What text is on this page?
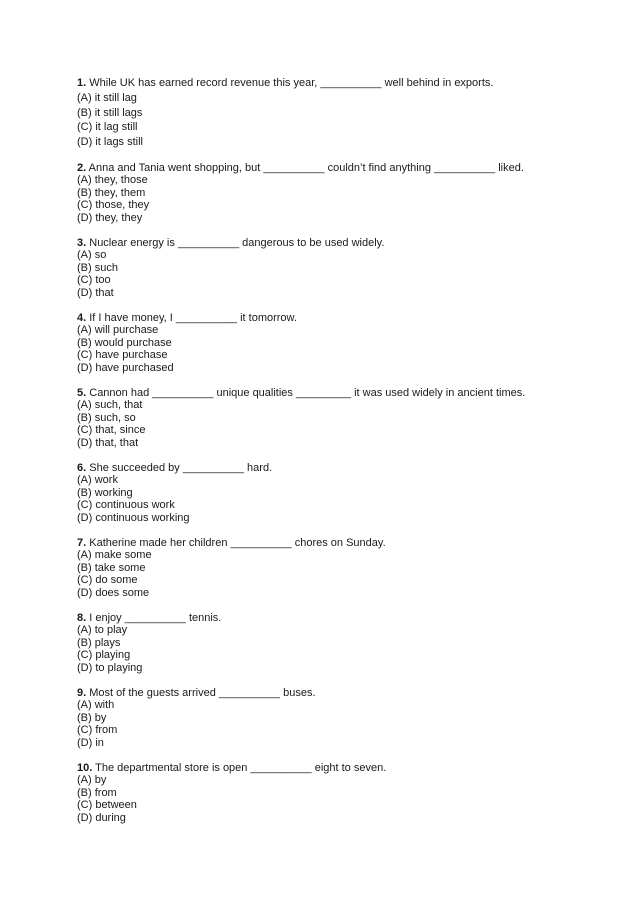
1. While UK has earned record revenue this year, __________ well behind in exports.
(A) it still lag
(B) it still lags
(C) it lag still
(D) it lags still
2. Anna and Tania went shopping, but __________ couldn’t find anything __________ liked.
(A) they, those
(B) they, them
(C) those, they
(D) they, they
3. Nuclear energy is __________ dangerous to be used widely.
(A) so
(B) such
(C) too
(D) that
4. If I have money, I __________ it tomorrow.
(A) will purchase
(B) would purchase
(C) have purchase
(D) have purchased
5. Cannon had __________ unique qualities _________ it was used widely in ancient times.
(A) such, that
(B) such, so
(C) that, since
(D) that, that
6. She succeeded by __________ hard.
(A) work
(B) working
(C) continuous work
(D) continuous working
7. Katherine made her children __________ chores on Sunday.
(A) make some
(B) take some
(C) do some
(D) does some
8. I enjoy __________ tennis.
(A) to play
(B) plays
(C) playing
(D) to playing
9. Most of the guests arrived __________ buses.
(A) with
(B) by
(C) from
(D) in
10. The departmental store is open __________ eight to seven.
(A) by
(B) from
(C) between
(D) during
